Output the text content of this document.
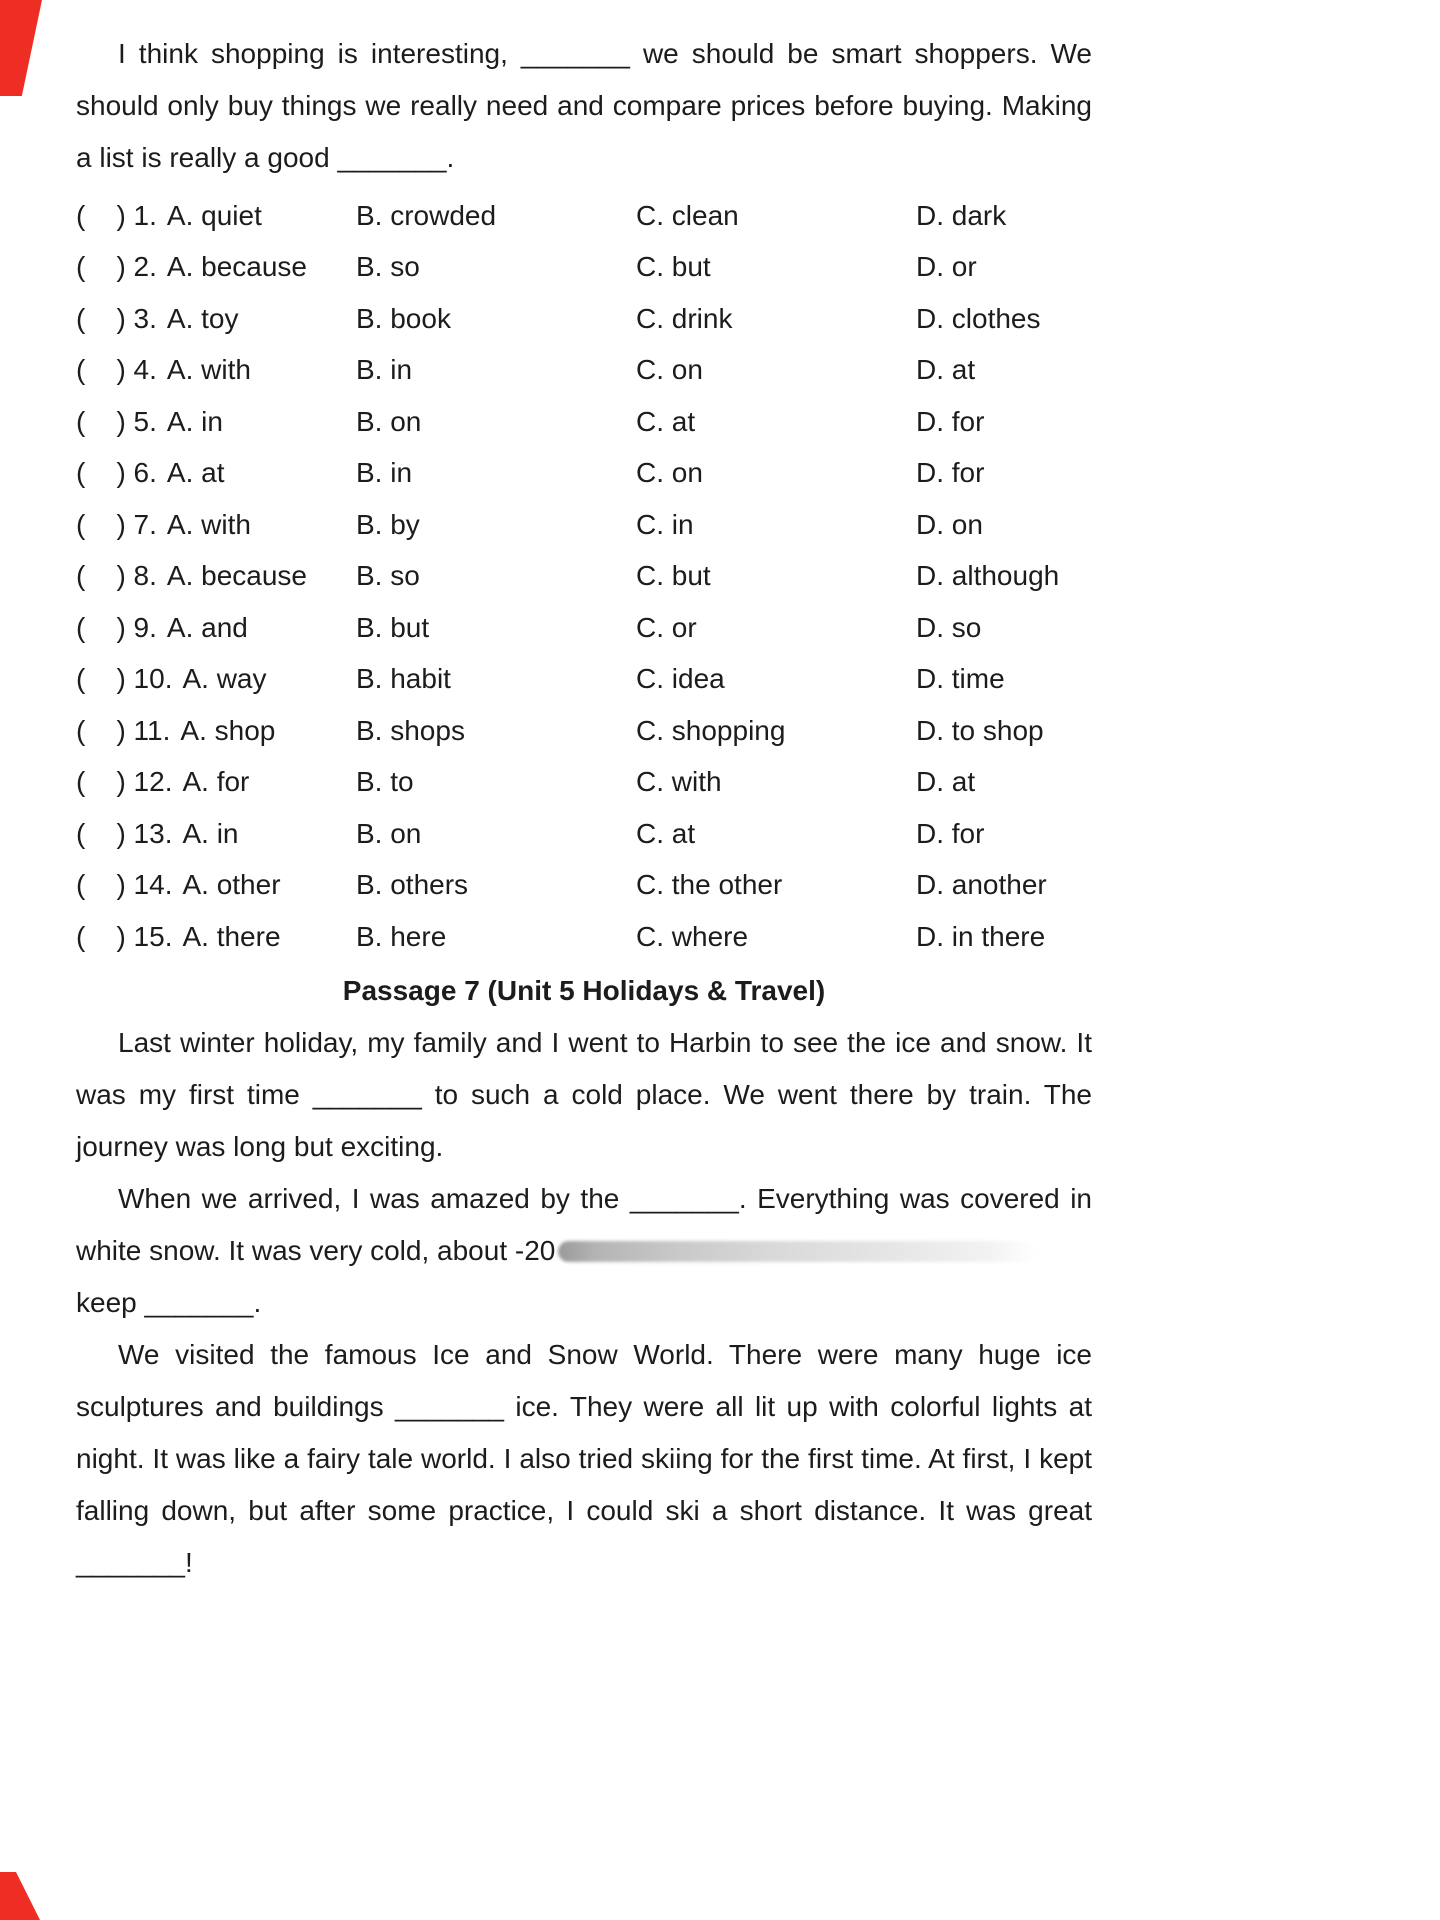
I think shopping is interesting, _______ we should be smart shoppers. We should only buy things we really need and compare prices before buying. Making a list is really a good _______.

(    ) 1. A. quiet	B. crowded	C. clean	D. dark
(    ) 2. A. because	B. so	C. but	D. or
(    ) 3. A. toy	B. book	C. drink	D. clothes
(    ) 4. A. with	B. in	C. on	D. at
(    ) 5. A. in	B. on	C. at	D. for
(    ) 6. A. at	B. in	C. on	D. for
(    ) 7. A. with	B. by	C. in	D. on
(    ) 8. A. because	B. so	C. but	D. although
(    ) 9. A. and	B. but	C. or	D. so
(    ) 10. A. way	B. habit	C. idea	D. time
(    ) 11. A. shop	B. shops	C. shopping	D. to shop
(    ) 12. A. for	B. to	C. with	D. at
(    ) 13. A. in	B. on	C. at	D. for
(    ) 14. A. other	B. others	C. the other	D. another
(    ) 15. A. there	B. here	C. where	D. in there
Passage 7 (Unit 5 Holidays & Travel)

Last winter holiday, my family and I went to Harbin to see the ice and snow. It was my first time _______ to such a cold place. We went there by train. The journey was long but exciting.

When we arrived, I was amazed by the _______. Everything was covered in white snow. It was very cold, about -20
keep _______.

We visited the famous Ice and Snow World. There were many huge ice sculptures and buildings _______ ice. They were all lit up with colorful lights at night. It was like a fairy tale world. I also tried skiing for the first time. At first, I kept falling down, but after some practice, I could ski a short distance. It was great _______!
